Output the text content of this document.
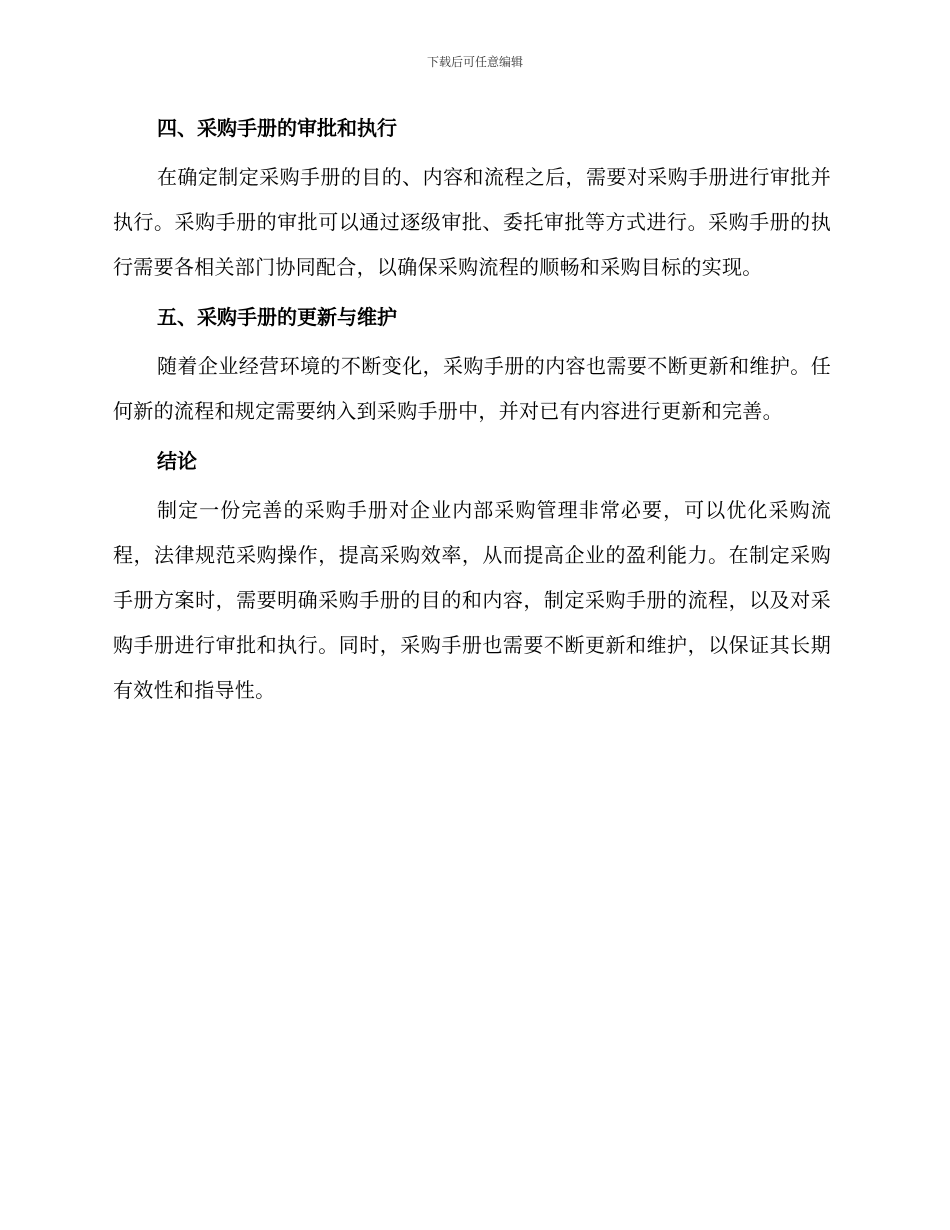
下载后可任意编辑
四、采购手册的审批和执行

在确定制定采购手册的目的、内容和流程之后，需要对采购手册进行审批并执行。采购手册的审批可以通过逐级审批、委托审批等方式进行。采购手册的执行需要各相关部门协同配合，以确保采购流程的顺畅和采购目标的实现。

五、采购手册的更新与维护

随着企业经营环境的不断变化，采购手册的内容也需要不断更新和维护。任何新的流程和规定需要纳入到采购手册中，并对已有内容进行更新和完善。

结论

制定一份完善的采购手册对企业内部采购管理非常必要，可以优化采购流程，法律规范采购操作，提高采购效率，从而提高企业的盈利能力。在制定采购手册方案时，需要明确采购手册的目的和内容，制定采购手册的流程，以及对采购手册进行审批和执行。同时，采购手册也需要不断更新和维护，以保证其长期有效性和指导性。
